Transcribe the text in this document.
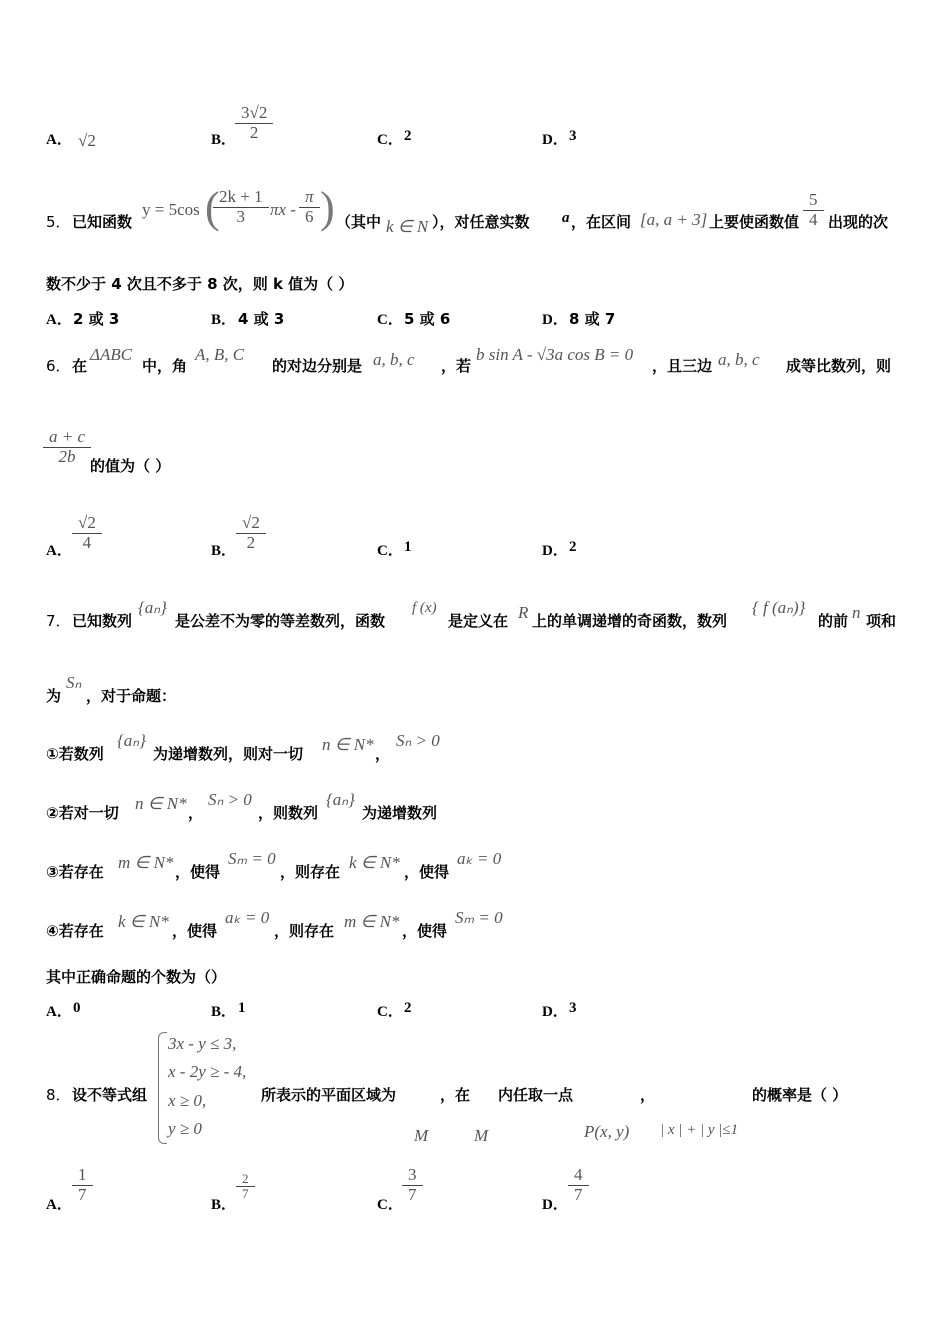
A． √2	B．
3√2
2	C． 2	D． 3
5． 已知函数
y = 5cos ( 2k + 1
3 πx -
π
6 ) （其中 k ∈ N ），对任意实数 a ，在区间 [a, a + 3] 上要使函数值
5
4 出现的次
数不少于 4 次且不多于 8 次，则 k 值为（ ）
A． 2 或 3	B． 4 或 3	C． 5 或 6	D． 8 或 7
6． 在
ΔABC
中，角
A, B, C
的对边分别是 a, b, c ，若
b sin A - √3a cos B = 0
，且三边 a, b, c 成等比数列，则
a + c
2b
的值为（ ）
A．
√2
4	B．
√2
2	C． 1	D． 2
7． 已知数列
{aₙ}
是公差不为零的等差数列，函数
f (x)
是定义在 R 上的单调递增的奇函数，数列
{ f (aₙ)}
的前 n 项和
为
Sₙ
，对于命题：
①若数列
{aₙ}
为递增数列，则对一切 n ∈ N* ，
Sₙ > 0
②若对一切 n ∈ N* ，
Sₙ > 0
，则数列
{aₙ}
为递增数列
③若存在 m ∈ N* ，使得
Sₘ = 0
，则存在 k ∈ N* ，使得
aₖ = 0
④若存在 k ∈ N* ，使得
aₖ = 0
，则存在 m ∈ N* ，使得
Sₘ = 0
其中正确命题的个数为（）
A． 0	B． 1	C． 2	D． 3
8． 设不等式组
3x - y ≤ 3,
x - 2y ≥ - 4,
x ≥ 0,
y ≥ 0
所表示的平面区域为	，在 内任取一点	，	的概率是（ ）
M	M	P(x, y) | x | + | y |≤1
A．
1
7
B．
2
7
C．
3
7
D．
4
7
